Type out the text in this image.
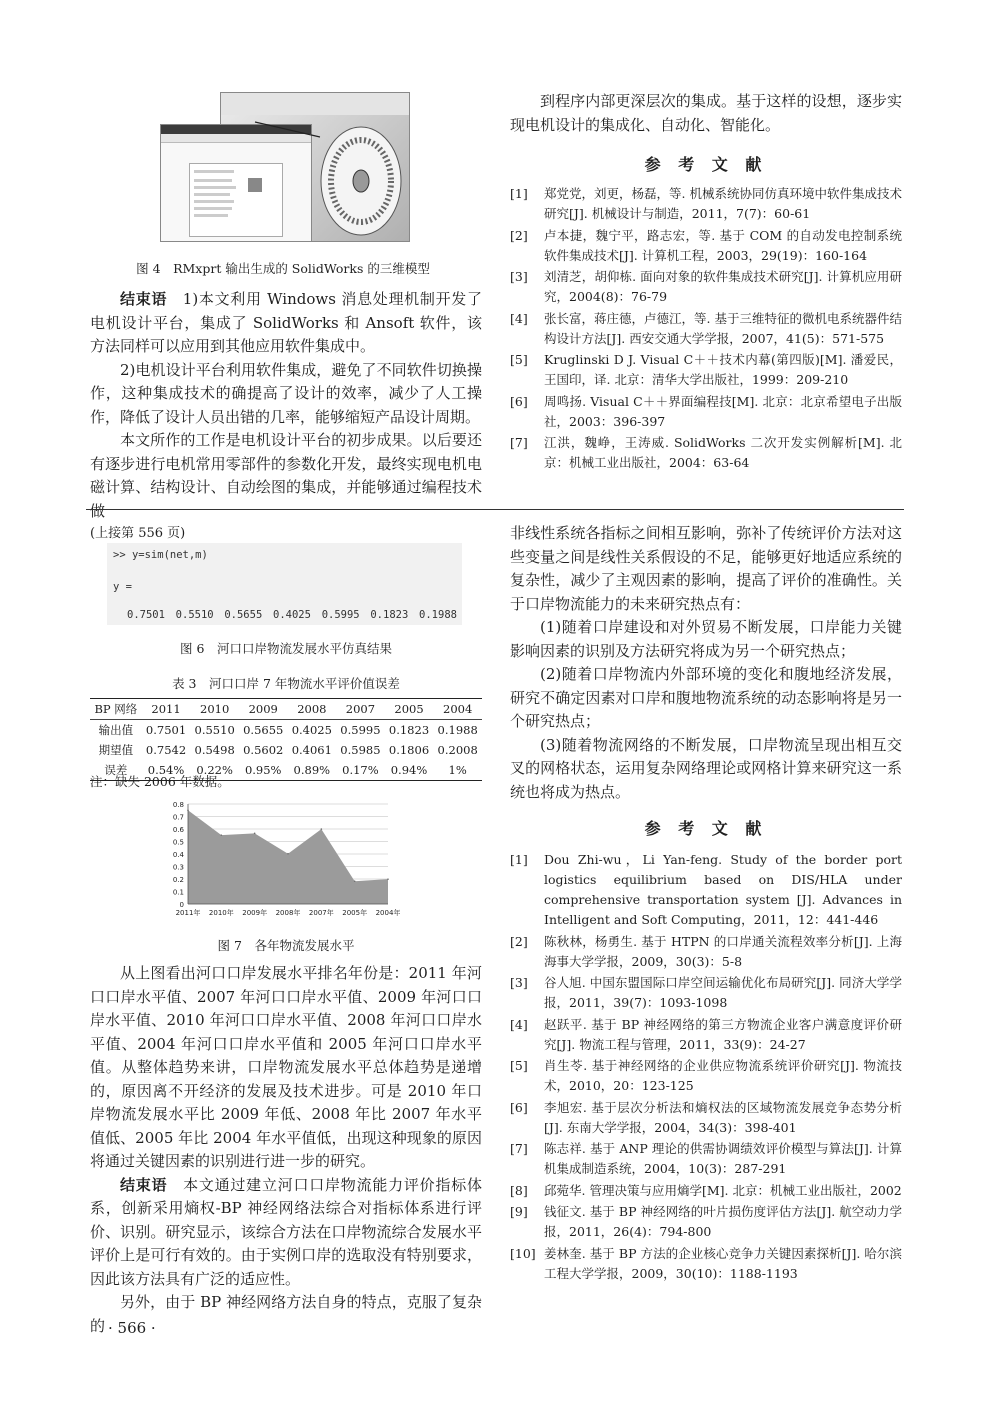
图 4　RMxprt 输出生成的 SolidWorks 的三维模型

结束语　 1)本文利用 Windows 消息处理机制开发了电机设计平台，集成了 SolidWorks 和 Ansoft 软件，该方法同样可以应用到其他应用软件集成中。

2)电机设计平台利用软件集成，避免了不同软件切换操作，这种集成技术的确提高了设计的效率，减少了人工操作，降低了设计人员出错的几率，能够缩短产品设计周期。

本文所作的工作是电机设计平台的初步成果。以后要还有逐步进行电机常用零部件的参数化开发，最终实现电机电磁计算、结构设计、自动绘图的集成，并能够通过编程技术做

到程序内部更深层次的集成。基于这样的设想，逐步实现电机设计的集成化、自动化、智能化。

参 考 文 献
[1]	郑党党，刘更，杨磊，等. 机械系统协同仿真环境中软件集成技术研究[J]. 机械设计与制造，2011，7(7)：60-61
[2]	卢本捷，魏宁平，路志宏，等. 基于 COM 的自动发电控制系统软件集成技术[J]. 计算机工程，2003，29(19)：160-164
[3]	刘清芝，胡仰栋. 面向对象的软件集成技术研究[J]. 计算机应用研究，2004(8)：76-79
[4]	张长富，蒋庄德，卢德江，等. 基于三维特征的微机电系统器件结构设计方法[J]. 西安交通大学学报，2007，41(5)：571-575
[5]	Kruglinski D J. Visual C＋＋技术内幕(第四版)[M]. 潘爱民，王国印，译. 北京：清华大学出版社，1999：209-210
[6]	周鸣扬. Visual C＋＋界面编程技[M]. 北京：北京希望电子出版社，2003：396-397
[7]	江洪，魏峥，王涛威. SolidWorks 二次开发实例解析[M]. 北京：机械工业出版社，2004：63-64
(上接第 556 页)
>> y=sim(net,m)
y =
0.7501 0.5510 0.5655 0.4025 0.5995 0.1823 0.1988
图 6　河口口岸物流发展水平仿真结果
表 3　河口口岸 7 年物流水平评价值误差
BP 网络	2011	2010	2009	2008	2007	2005	2004
输出值	0.7501	0.5510	0.5655	0.4025	0.5995	0.1823	0.1988
期望值	0.7542	0.5498	0.5602	0.4061	0.5985	0.1806	0.2008
误差	0.54%	0.22%	0.95%	0.89%	0.17%	0.94%	1%
注：缺失 2006 年数据。
0
0.1
0.2
0.3
0.4
0.5
0.6
0.7
0.8
2011年 2010年 2009年 2008年 2007年 2005年 2004年
图 7　各年物流发展水平

从上图看出河口口岸发展水平排名年份是：2011 年河口口岸水平值、2007 年河口口岸水平值、2009 年河口口岸水平值、2010 年河口口岸水平值、2008 年河口口岸水平值、2004 年河口口岸水平值和 2005 年河口口岸水平值。从整体趋势来讲，口岸物流发展水平总体趋势是递增的，原因离不开经济的发展及技术进步。可是 2010 年口岸物流发展水平比 2009 年低、2008 年比 2007 年水平值低、2005 年比 2004 年水平值低，出现这种现象的原因将通过关键因素的识别进行进一步的研究。

结束语　 本文通过建立河口口岸物流能力评价指标体系，创新采用熵权-BP 神经网络法综合对指标体系进行评价、识别。研究显示，该综合方法在口岸物流综合发展水平评价上是可行有效的。由于实例口岸的选取没有特别要求，因此该方法具有广泛的适应性。

另外，由于 BP 神经网络方法自身的特点，克服了复杂的 · 566 ·

非线性系统各指标之间相互影响，弥补了传统评价方法对这些变量之间是线性关系假设的不足，能够更好地适应系统的复杂性，减少了主观因素的影响，提高了评价的准确性。关于口岸物流能力的未来研究热点有：

(1)随着口岸建设和对外贸易不断发展，口岸能力关键影响因素的识别及方法研究将成为另一个研究热点；

(2)随着口岸物流内外部环境的变化和腹地经济发展，研究不确定因素对口岸和腹地物流系统的动态影响将是另一个研究热点；

(3)随着物流网络的不断发展，口岸物流呈现出相互交叉的网格状态，运用复杂网络理论或网格计算来研究这一系统也将成为热点。

参 考 文 献
[1]	Dou Zhi-wu，Li Yan-feng. Study of the border port logistics equilibrium based on DIS/HLA under comprehensive transportation system [J]. Advances in Intelligent and Soft Computing，2011，12：441-446
[2]	陈秋林，杨勇生. 基于 HTPN 的口岸通关流程效率分析[J]. 上海海事大学学报，2009，30(3)：5-8
[3]	谷人旭. 中国东盟国际口岸空间运输优化布局研究[J]. 同济大学学报，2011，39(7)：1093-1098
[4]	赵跃平. 基于 BP 神经网络的第三方物流企业客户满意度评价研究[J]. 物流工程与管理，2011，33(9)：24-27
[5]	肖生苓. 基于神经网络的企业供应物流系统评价研究[J]. 物流技术，2010，20：123-125
[6]	李旭宏. 基于层次分析法和熵权法的区域物流发展竞争态势分析[J]. 东南大学学报，2004，34(3)：398-401
[7]	陈志祥. 基于 ANP 理论的供需协调绩效评价模型与算法[J]. 计算机集成制造系统，2004，10(3)：287-291
[8]	邱菀华. 管理决策与应用熵学[M]. 北京：机械工业出版社，2002
[9]	钱征文. 基于 BP 神经网络的叶片损伤度评估方法[J]. 航空动力学报，2011，26(4)：794-800
[10] 姜林奎. 基于 BP 方法的企业核心竞争力关键因素探析[J]. 哈尔滨工程大学学报，2009，30(10)：1188-1193
